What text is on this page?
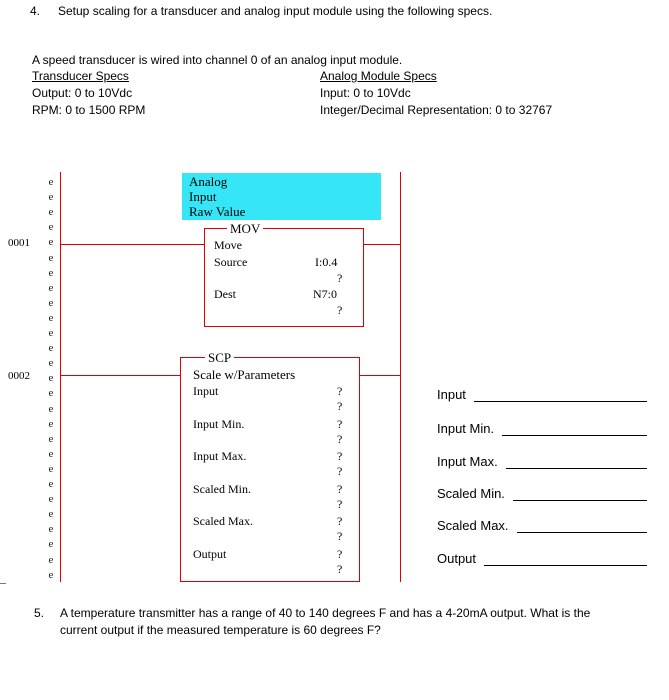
4. Setup scaling for a transducer and analog input module using the following specs.
A speed transducer is wired into channel 0 of an analog input module.
Transducer Specs
Output: 0 to 10Vdc
RPM: 0 to 1500 RPM
Analog Module Specs
Input: 0 to 10Vdc
Integer/Decimal Representation: 0 to 32767
e
e
e
e
e
e
e
e
e
e
e
e
e
e
e
e
e
e
e
e
e
e
e
e
e
e
e
0001
0002
Analog
Input
Raw Value
MOV
Move
Source	I:0.4
?
Dest	N7:0
?
SCP
Scale w/Parameters
Input	?
?
Input Min.	?
?
Input Max.	?
?
Scaled Min.	?
?
Scaled Max.	?
?
Output	?
?
Input
Input Min.
Input Max.
Scaled Min.
Scaled Max.
Output
5. A temperature transmitter has a range of 40 to 140 degrees F and has a 4-20mA output. What is the
current output if the measured temperature is 60 degrees F?
